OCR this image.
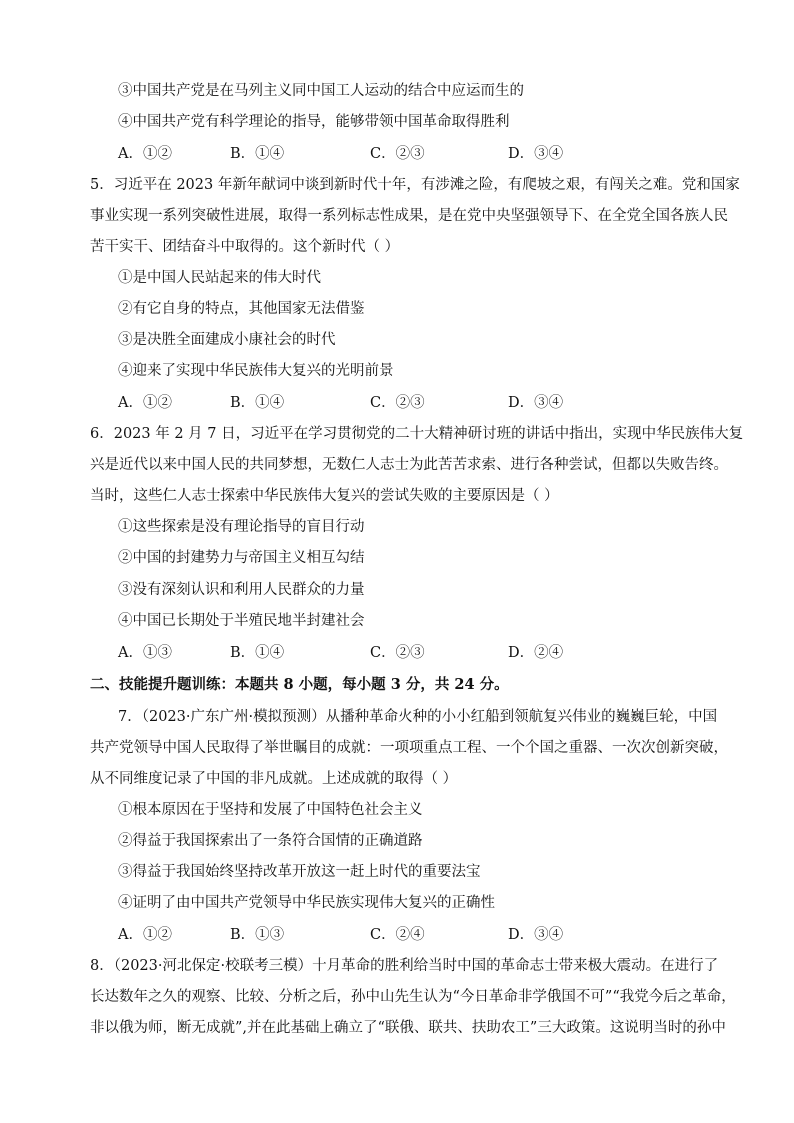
③中国共产党是在马列主义同中国工人运动的结合中应运而生的
④中国共产党有科学理论的指导，能够带领中国革命取得胜利
A．①②	B．①④	C．②③	D．③④
5．习近平在 2023 年新年献词中谈到新时代十年，有涉滩之险，有爬坡之艰，有闯关之难。党和国家
事业实现一系列突破性进展，取得一系列标志性成果，是在党中央坚强领导下、在全党全国各族人民
苦干实干、团结奋斗中取得的。这个新时代（ ）
①是中国人民站起来的伟大时代
②有它自身的特点，其他国家无法借鉴
③是决胜全面建成小康社会的时代
④迎来了实现中华民族伟大复兴的光明前景
A．①②	B．①④	C．②③	D．③④
6．2023 年 2 月 7 日，习近平在学习贯彻党的二十大精神研讨班的讲话中指出，实现中华民族伟大复
兴是近代以来中国人民的共同梦想，无数仁人志士为此苦苦求索、进行各种尝试，但都以失败告终。
当时，这些仁人志士探索中华民族伟大复兴的尝试失败的主要原因是（ ）
①这些探索是没有理论指导的盲目行动
②中国的封建势力与帝国主义相互勾结
③没有深刻认识和利用人民群众的力量
④中国已长期处于半殖民地半封建社会
A．①③	B．①④	C．②③	D．②④
二、技能提升题训练：本题共 8 小题，每小题 3 分，共 24 分。
7．（2023·广东广州·模拟预测）从播种革命火种的小小红船到领航复兴伟业的巍巍巨轮，中国
共产党领导中国人民取得了举世瞩目的成就：一项项重点工程、一个个国之重器、一次次创新突破，
从不同维度记录了中国的非凡成就。上述成就的取得（ ）
①根本原因在于坚持和发展了中国特色社会主义
②得益于我国探索出了一条符合国情的正确道路
③得益于我国始终坚持改革开放这一赶上时代的重要法宝
④证明了由中国共产党领导中华民族实现伟大复兴的正确性
A．①②	B．①③	C．②④	D．③④
8．（2023·河北保定·校联考三模）十月革命的胜利给当时中国的革命志士带来极大震动。在进行了
长达数年之久的观察、比较、分析之后，孙中山先生认为“今日革命非学俄国不可”“我党今后之革命，
非以俄为师，断无成就”,并在此基础上确立了“联俄、联共、扶助农工”三大政策。这说明当时的孙中
